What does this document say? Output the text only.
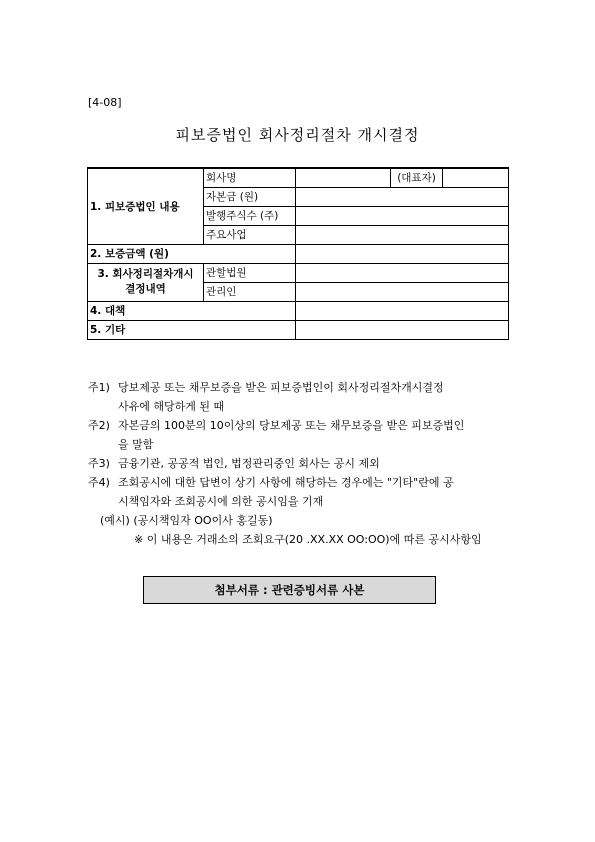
[4-08]
피보증법인 회사정리절차 개시결정
1. 피보증법인 내용	회사명		(대표자)	
	자본금 (원)			
	발행주식수 (주)			
	주요사업			
2. 보증금액 (원)				
3. 회사정리절차개시
결정내역	관할법원			
	관리인			
4. 대책				
5. 기타				
주1) 당보제공 또는 채무보증을 받은 피보증법인이 회사정리절차개시결정
사유에 해당하게 된 때
주2) 자본금의 100분의 10이상의 당보제공 또는 채무보증을 받은 피보증법인
을 말함
주3) 금융기관, 공공적 법인, 법정관리중인 회사는 공시 제외
주4) 조회공시에 대한 답변이 상기 사항에 해당하는 경우에는 "기타"란에 공
시책임자와 조회공시에 의한 공시임을 기재
(예시) (공시책임자 OO이사 홍길동)
※ 이 내용은 거래소의 조회요구(20 .XX.XX OO:OO)에 따른 공시사항임
첨부서류 : 관련증빙서류 사본
